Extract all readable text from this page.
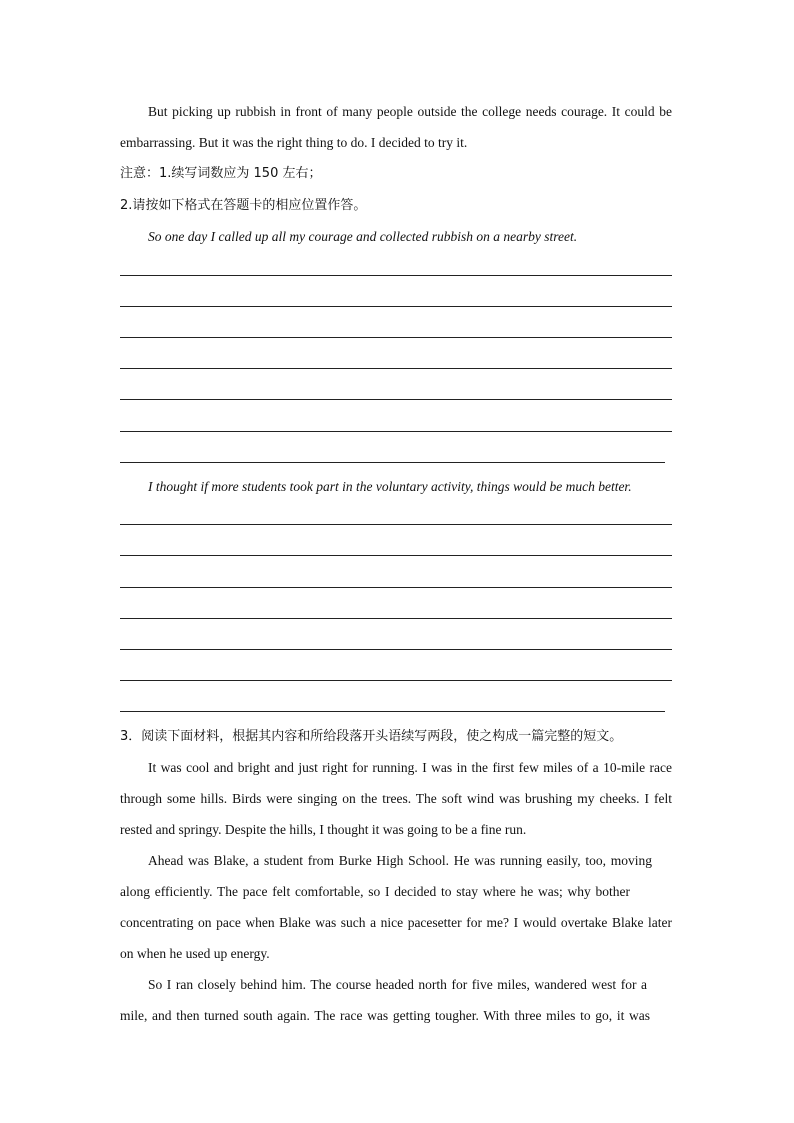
But picking up rubbish in front of many people outside the college needs courage. It could be
embarrassing. But it was the right thing to do. I decided to try it.
注意：1.续写词数应为 150 左右；
2.请按如下格式在答题卡的相应位置作答。
So one day I called up all my courage and collected rubbish on a nearby street.
I thought if more students took part in the voluntary activity, things would be much better.
3．阅读下面材料，根据其内容和所给段落开头语续写两段，使之构成一篇完整的短文。
It was cool and bright and just right for running. I was in the first few miles of a 10-mile race
through some hills. Birds were singing on the trees. The soft wind was brushing my cheeks. I felt
rested and springy. Despite the hills, I thought it was going to be a fine run.
Ahead was Blake, a student from Burke High School. He was running easily, too, moving
along efficiently. The pace felt comfortable, so I decided to stay where he was; why bother
concentrating on pace when Blake was such a nice pacesetter for me? I would overtake Blake later
on when he used up energy.
So I ran closely behind him. The course headed north for five miles, wandered west for a
mile, and then turned south again. The race was getting tougher. With three miles to go, it was
